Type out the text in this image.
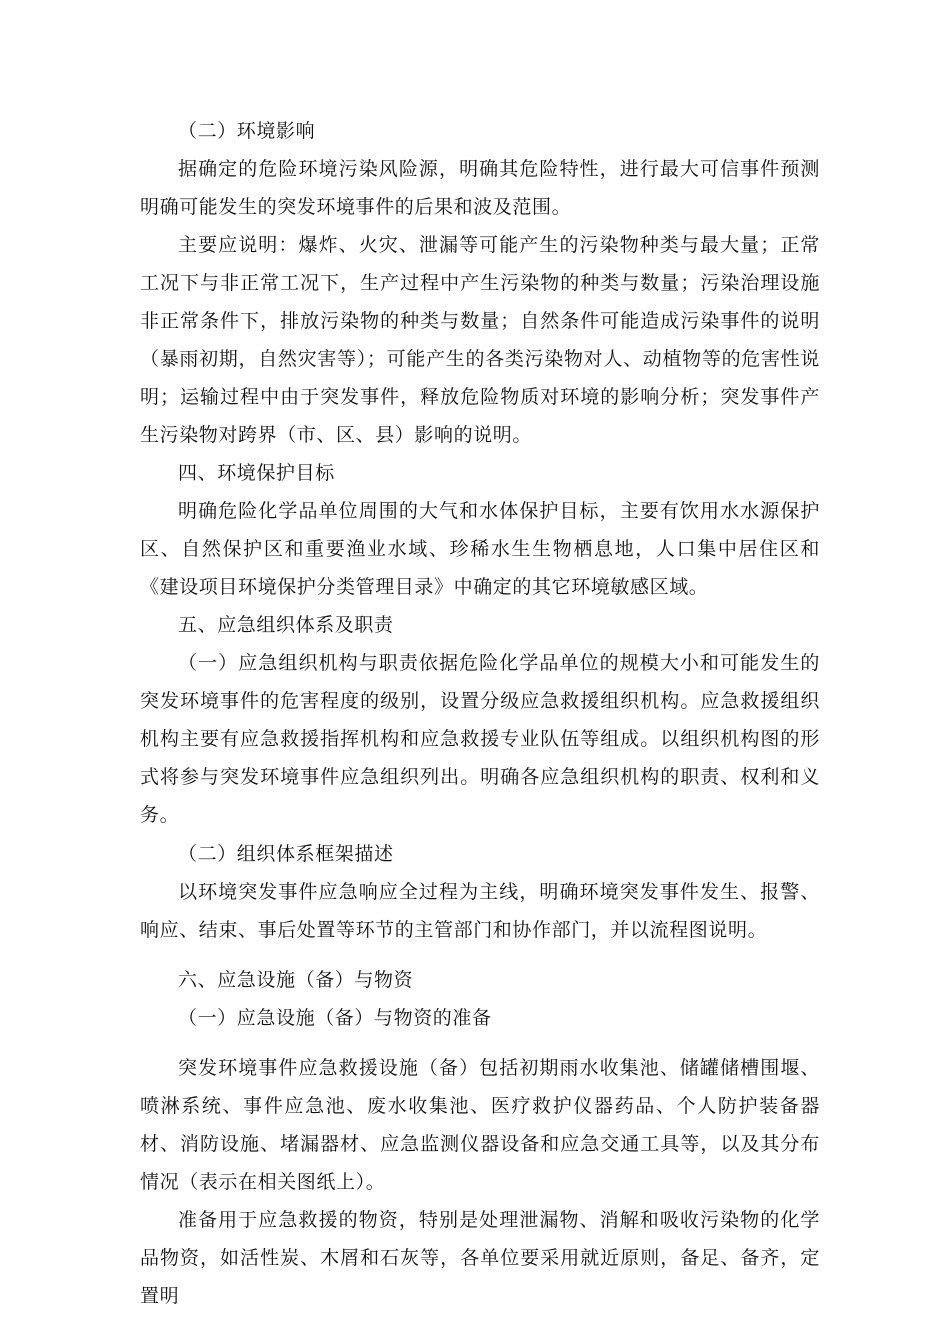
（二）环境影响

据确定的危险环境污染风险源，明确其危险特性，进行最大可信事件预测明确可能发生的突发环境事件的后果和波及范围。

主要应说明：爆炸、火灾、泄漏等可能产生的污染物种类与最大量；正常工况下与非正常工况下，生产过程中产生污染物的种类与数量；污染治理设施非正常条件下，排放污染物的种类与数量；自然条件可能造成污染事件的说明（暴雨初期，自然灾害等）；可能产生的各类污染物对人、动植物等的危害性说明；运输过程中由于突发事件，释放危险物质对环境的影响分析；突发事件产生污染物对跨界（市、区、县）影响的说明。

四、环境保护目标

明确危险化学品单位周围的大气和水体保护目标，主要有饮用水水源保护区、自然保护区和重要渔业水域、珍稀水生生物栖息地，人口集中居住区和《建设项目环境保护分类管理目录》中确定的其它环境敏感区域。

五、应急组织体系及职责

（一）应急组织机构与职责依据危险化学品单位的规模大小和可能发生的突发环境事件的危害程度的级别，设置分级应急救援组织机构。应急救援组织机构主要有应急救援指挥机构和应急救援专业队伍等组成。以组织机构图的形式将参与突发环境事件应急组织列出。明确各应急组织机构的职责、权利和义务。

（二）组织体系框架描述

以环境突发事件应急响应全过程为主线，明确环境突发事件发生、报警、响应、结束、事后处置等环节的主管部门和协作部门，并以流程图说明。

六、应急设施（备）与物资

（一）应急设施（备）与物资的准备

突发环境事件应急救援设施（备）包括初期雨水收集池、储罐储槽围堰、喷淋系统、事件应急池、废水收集池、医疗救护仪器药品、个人防护装备器材、消防设施、堵漏器材、应急监测仪器设备和应急交通工具等，以及其分布情况（表示在相关图纸上）。

准备用于应急救援的物资，特别是处理泄漏物、消解和吸收污染物的化学品物资，如活性炭、木屑和石灰等，各单位要采用就近原则，备足、备齐，定置明
